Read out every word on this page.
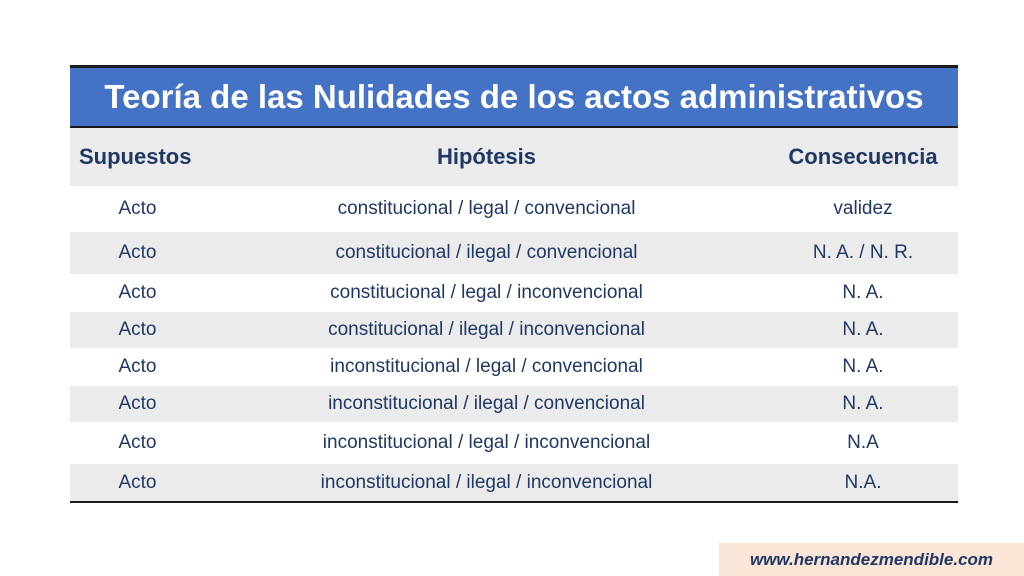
Teoría de las Nulidades de los actos administrativos
Supuestos	Hipótesis	Consecuencia
Acto	constitucional / legal / convencional	validez
Acto	constitucional / ilegal / convencional	N. A. / N. R.
Acto	constitucional / legal / inconvencional	N. A.
Acto	constitucional / ilegal / inconvencional	N. A.
Acto	inconstitucional / legal / convencional	N. A.
Acto	inconstitucional / ilegal / convencional	N. A.
Acto	inconstitucional / legal / inconvencional	N.A
Acto	inconstitucional / ilegal / inconvencional	N.A.
www.hernandezmendible.com
